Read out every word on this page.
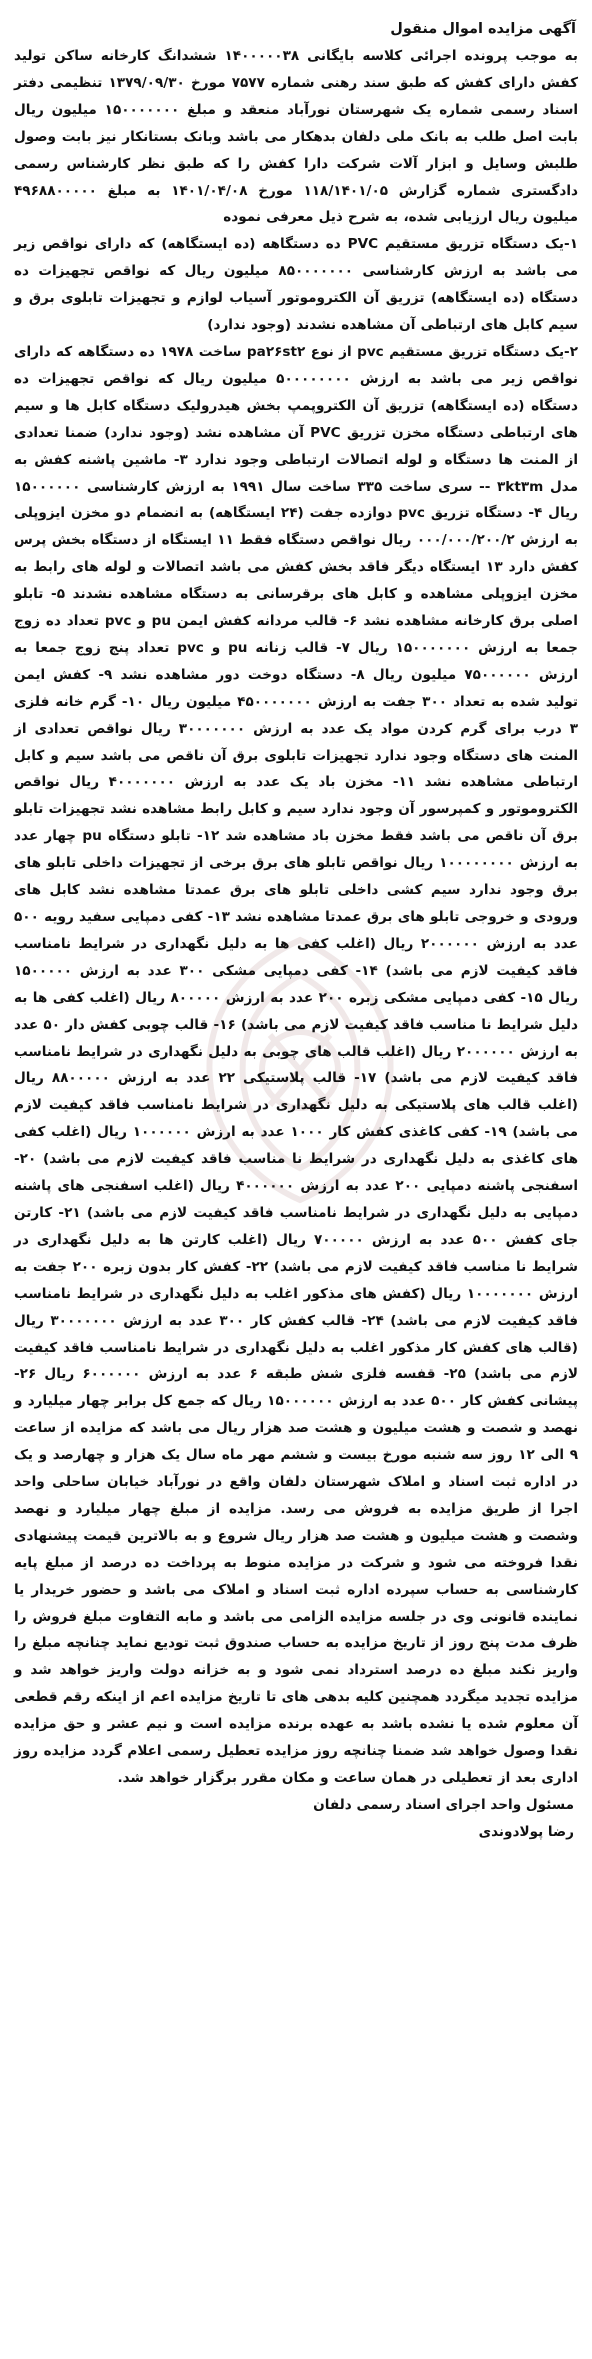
آگهی مزایده اموال منقول

به موجب پرونده اجرائی کلاسه بایگانی ۱۴۰۰۰۰۰۳۸ ششدانگ کارخانه ساکن تولید کفش دارای کفش که طبق سند رهنی شماره ۷۵۷۷ مورخ ۱۳۷۹/۰۹/۳۰ تنظیمی دفتر اسناد رسمی شماره یک شهرستان نورآباد منعقد و مبلغ ۱۵۰۰۰۰۰۰۰ میلیون ریال بابت اصل طلب به بانک ملی دلفان بدهکار می باشد وبانک بستانکار نیز بابت وصول طلبش وسایل و ابزار آلات شرکت دارا کفش را که طبق نظر کارشناس رسمی دادگستری شماره گزارش ۱۱۸/۱۴۰۱/۰۵ مورخ ۱۴۰۱/۰۴/۰۸ به مبلغ ۴۹۶۸۸۰۰۰۰۰ میلیون ریال ارزیابی شده، به شرح ذیل معرفی نموده

۱-یک دستگاه تزریق مستقیم PVC ده دستگاهه (ده ایستگاهه) که دارای نواقص زیر می باشد به ارزش کارشناسی ۸۵۰۰۰۰۰۰۰ میلیون ریال که نواقص تجهیزات ده دستگاه (ده ایستگاهه) تزریق آن الکتروموتور آسیاب لوازم و تجهیزات تابلوی برق و سیم کابل های ارتباطی آن مشاهده نشدند (وجود ندارد)

۲-یک دستگاه تزریق مستقیم pvc از نوع pa۲۶st۲ ساخت ۱۹۷۸ ده دستگاهه که دارای نواقص زیر می باشد به ارزش ۵۰۰۰۰۰۰۰۰ میلیون ریال که نواقص تجهیزات ده دستگاه (ده ایستگاهه) تزریق آن الکتروپمپ بخش هیدرولیک دستگاه کابل ها و سیم های ارتباطی دستگاه مخزن تزریق PVC آن مشاهده نشد (وجود ندارد) ضمنا تعدادی از المنت ها دستگاه و لوله اتصالات ارتباطی وجود ندارد ۳- ماشین پاشنه کفش به مدل ۳kt۳m -- سری ساخت ۳۳۵ ساخت سال ۱۹۹۱ به ارزش کارشناسی ۱۵۰۰۰۰۰۰ ریال ۴- دستگاه تزریق pvc دوازده جفت (۲۴ ایستگاهه) به انضمام دو مخزن ایزوپلی به ارزش ۰۰۰/۰۰۰/۲۰۰/۲ ریال نواقص دستگاه فقط ۱۱ ایستگاه از دستگاه بخش پرس کفش دارد ۱۳ ایستگاه دیگر فاقد بخش کفش می باشد اتصالات و لوله های رابط به مخزن ایزوپلی مشاهده و کابل های برقرسانی به دستگاه مشاهده نشدند ۵- تابلو اصلی برق کارخانه مشاهده نشد ۶- قالب مردانه کفش ایمن pu و pvc تعداد ده زوج جمعا به ارزش ۱۵۰۰۰۰۰۰۰ ریال ۷- قالب زنانه pu و pvc تعداد پنج زوج جمعا به ارزش ۷۵۰۰۰۰۰۰ میلیون ریال ۸- دستگاه دوخت دور مشاهده نشد ۹- کفش ایمن تولید شده به تعداد ۳۰۰ جفت به ارزش ۴۵۰۰۰۰۰۰۰ میلیون ریال ۱۰- گرم خانه فلزی ۳ درب برای گرم کردن مواد یک عدد به ارزش ۳۰۰۰۰۰۰۰ ریال نواقص تعدادی از المنت های دستگاه وجود ندارد تجهیزات تابلوی برق آن ناقص می باشد سیم و کابل ارتباطی مشاهده نشد ۱۱- مخزن باد یک عدد به ارزش ۴۰۰۰۰۰۰۰ ریال نواقص الکتروموتور و کمپرسور آن وجود ندارد سیم و کابل رابط مشاهده نشد تجهیزات تابلو برق آن ناقص می باشد فقط مخزن باد مشاهده شد ۱۲- تابلو دستگاه pu چهار عدد به ارزش ۱۰۰۰۰۰۰۰۰ ریال نواقص تابلو های برق برخی از تجهیزات داخلی تابلو های برق وجود ندارد سیم کشی داخلی تابلو های برق عمدتا مشاهده نشد کابل های ورودی و خروجی تابلو های برق عمدتا مشاهده نشد ۱۳- کفی دمپایی سفید رویه ۵۰۰ عدد به ارزش ۲۰۰۰۰۰۰ ریال (اغلب کفی ها به دلیل نگهداری در شرایط نامناسب فاقد کیفیت لازم می باشد) ۱۴- کفی دمپایی مشکی ۳۰۰ عدد به ارزش ۱۵۰۰۰۰۰ ریال ۱۵- کفی دمپایی مشکی زبره ۲۰۰ عدد به ارزش ۸۰۰۰۰۰ ریال (اغلب کفی ها به دلیل شرایط نا مناسب فاقد کیفیت لازم می باشد) ۱۶- قالب چوبی کفش دار ۵۰ عدد به ارزش ۲۰۰۰۰۰۰ ریال (اغلب قالب های چوبی به دلیل نگهداری در شرایط نامناسب فاقد کیفیت لازم می باشد) ۱۷- قالب پلاستیکی ۲۲ عدد به ارزش ۸۸۰۰۰۰۰ ریال (اغلب قالب های پلاستیکی به دلیل نگهداری در شرایط نامناسب فاقد کیفیت لازم می باشد) ۱۹- کفی کاغذی کفش کار ۱۰۰۰ عدد به ارزش ۱۰۰۰۰۰۰ ریال (اغلب کفی های کاغذی به دلیل نگهداری در شرایط نا مناسب فاقد کیفیت لازم می باشد) ۲۰- اسفنجی پاشنه دمپایی ۲۰۰ عدد به ارزش ۴۰۰۰۰۰۰ ریال (اغلب اسفنجی های پاشنه دمپایی به دلیل نگهداری در شرایط نامناسب فاقد کیفیت لازم می باشد) ۲۱- کارتن جای کفش ۵۰۰ عدد به ارزش ۷۰۰۰۰۰ ریال (اغلب کارتن ها به دلیل نگهداری در شرایط نا مناسب فاقد کیفیت لازم می باشد) ۲۲- کفش کار بدون زبره ۲۰۰ جفت به ارزش ۱۰۰۰۰۰۰۰ ریال (کفش های مذکور اغلب به دلیل نگهداری در شرایط نامناسب فاقد کیفیت لازم می باشد) ۲۴- قالب کفش کار ۳۰۰ عدد به ارزش ۳۰۰۰۰۰۰۰ ریال (قالب های کفش کار مذکور اغلب به دلیل نگهداری در شرایط نامناسب فاقد کیفیت لازم می باشد) ۲۵- قفسه فلزی شش طبقه ۶ عدد به ارزش ۶۰۰۰۰۰۰ ریال ۲۶- پیشانی کفش کار ۵۰۰ عدد به ارزش ۱۵۰۰۰۰۰۰ ریال که جمع کل برابر چهار میلیارد و نهصد و شصت و هشت میلیون و هشت صد هزار ریال می باشد که مزایده از ساعت ۹ الی ۱۲ روز سه شنبه مورخ بیست و ششم مهر ماه سال یک هزار و چهارصد و یک در اداره ثبت اسناد و املاک شهرستان دلفان واقع در نورآباد خیابان ساحلی واحد اجرا از طریق مزایده به فروش می رسد. مزایده از مبلغ چهار میلیارد و نهصد وشصت و هشت میلیون و هشت صد هزار ریال شروع و به بالاترین قیمت پیشنهادی نقدا فروخته می شود و شرکت در مزایده منوط به پرداخت ده درصد از مبلغ پایه کارشناسی به حساب سپرده اداره ثبت اسناد و املاک می باشد و حضور خریدار یا نماینده قانونی وی در جلسه مزایده الزامی می باشد و مابه التفاوت مبلغ فروش را ظرف مدت پنج روز از تاریخ مزایده به حساب صندوق ثبت تودیع نماید چنانچه مبلغ را واریز نکند مبلغ ده درصد استرداد نمی شود و به خزانه دولت واریز خواهد شد و مزایده تجدید میگردد همچنین کلیه بدهی های تا تاریخ مزایده اعم از اینکه رقم قطعی آن معلوم شده یا نشده باشد به عهده برنده مزایده است و نیم عشر و حق مزایده نقدا وصول خواهد شد ضمنا چنانچه روز مزایده تعطیل رسمی اعلام گردد مزایده روز اداری بعد از تعطیلی در همان ساعت و مکان مقرر برگزار خواهد شد.

مسئول واحد اجرای اسناد رسمی دلفان

رضا پولادوندی
